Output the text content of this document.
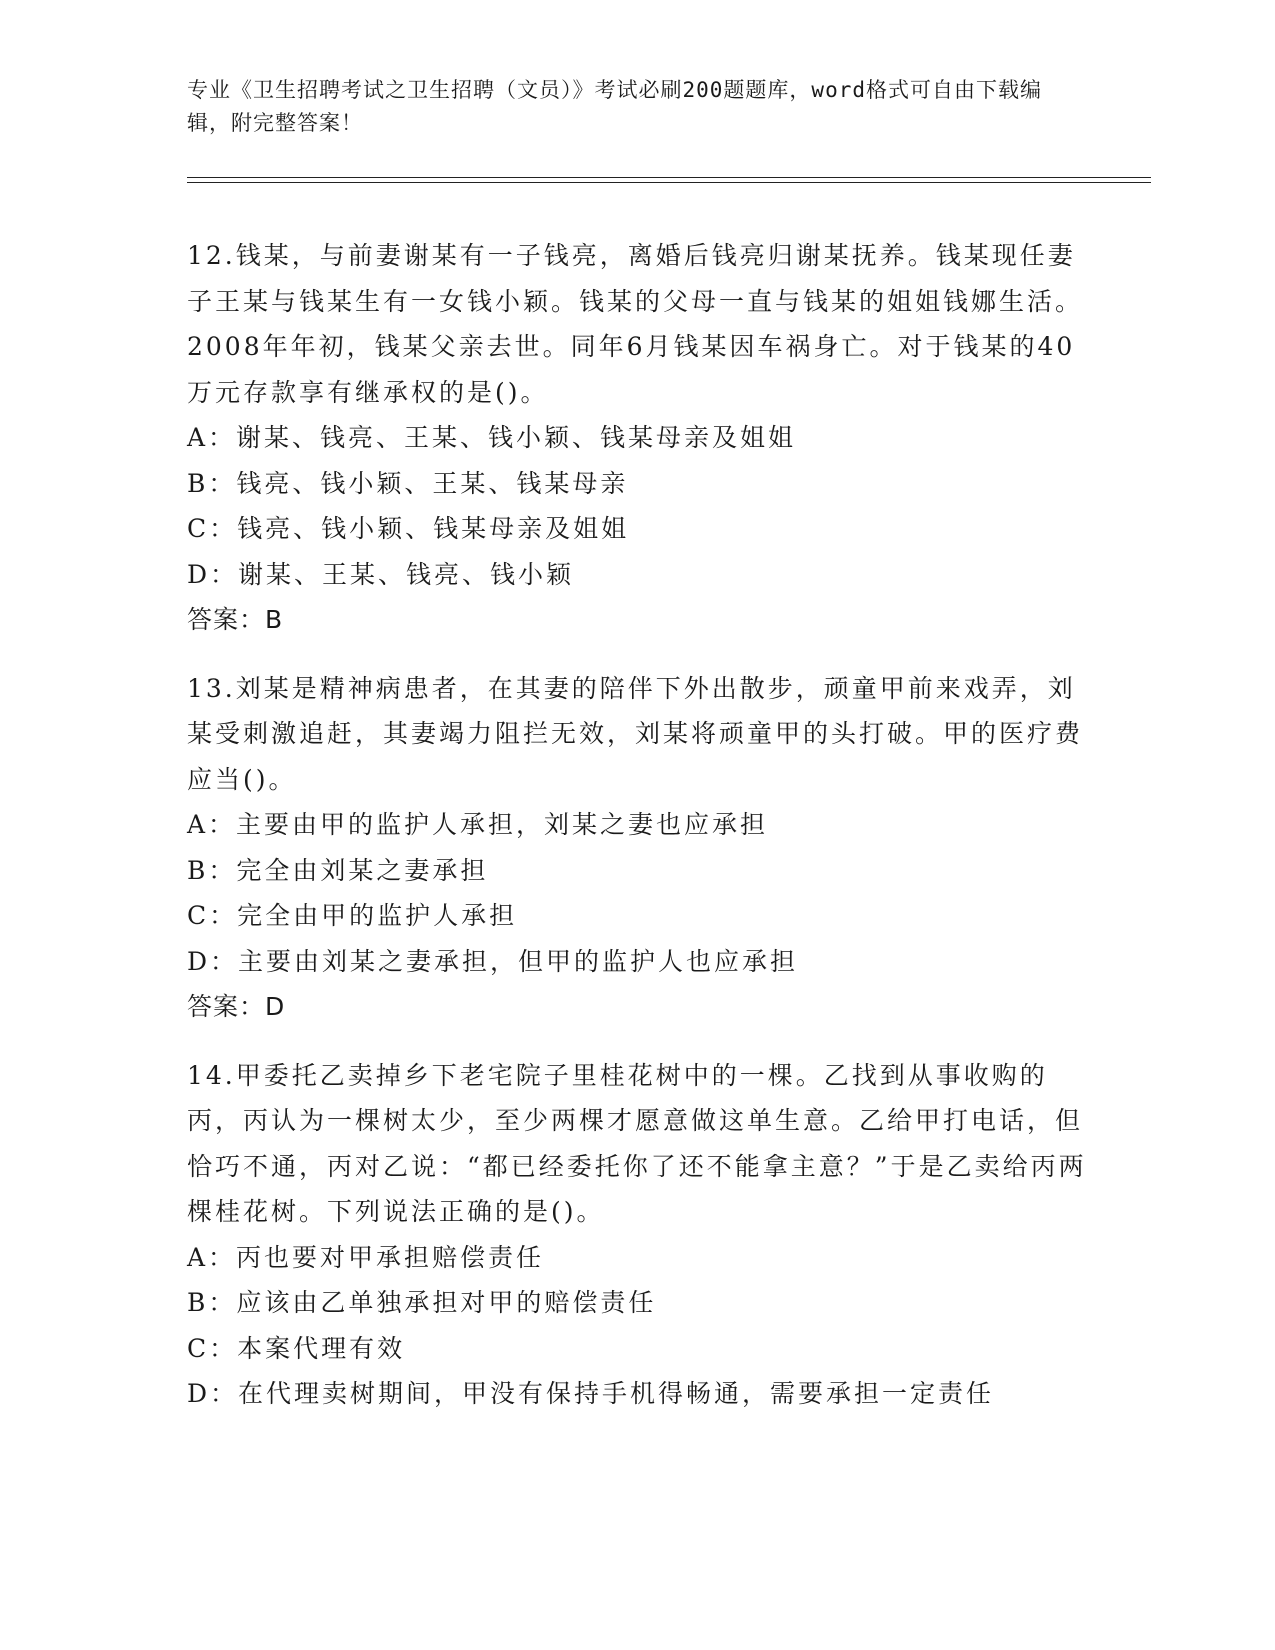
专业《卫生招聘考试之卫生招聘（文员）》考试必刷200题题库，word格式可自由下载编辑，附完整答案！
12.钱某，与前妻谢某有一子钱亮，离婚后钱亮归谢某抚养。钱某现任妻子王某与钱某生有一女钱小颖。钱某的父母一直与钱某的姐姐钱娜生活。2008年年初，钱某父亲去世。同年6月钱某因车祸身亡。对于钱某的40万元存款享有继承权的是()。
A：谢某、钱亮、王某、钱小颖、钱某母亲及姐姐
B：钱亮、钱小颖、王某、钱某母亲
C：钱亮、钱小颖、钱某母亲及姐姐
D：谢某、王某、钱亮、钱小颖
答案：B
13.刘某是精神病患者，在其妻的陪伴下外出散步，顽童甲前来戏弄，刘某受刺激追赶，其妻竭力阻拦无效，刘某将顽童甲的头打破。甲的医疗费应当()。
A：主要由甲的监护人承担，刘某之妻也应承担
B：完全由刘某之妻承担
C：完全由甲的监护人承担
D：主要由刘某之妻承担，但甲的监护人也应承担
答案：D
14.甲委托乙卖掉乡下老宅院子里桂花树中的一棵。乙找到从事收购的丙，丙认为一棵树太少，至少两棵才愿意做这单生意。乙给甲打电话，但恰巧不通，丙对乙说：“都已经委托你了还不能拿主意？”于是乙卖给丙两棵桂花树。下列说法正确的是()。
A：丙也要对甲承担赔偿责任
B：应该由乙单独承担对甲的赔偿责任
C：本案代理有效
D：在代理卖树期间，甲没有保持手机得畅通，需要承担一定责任
